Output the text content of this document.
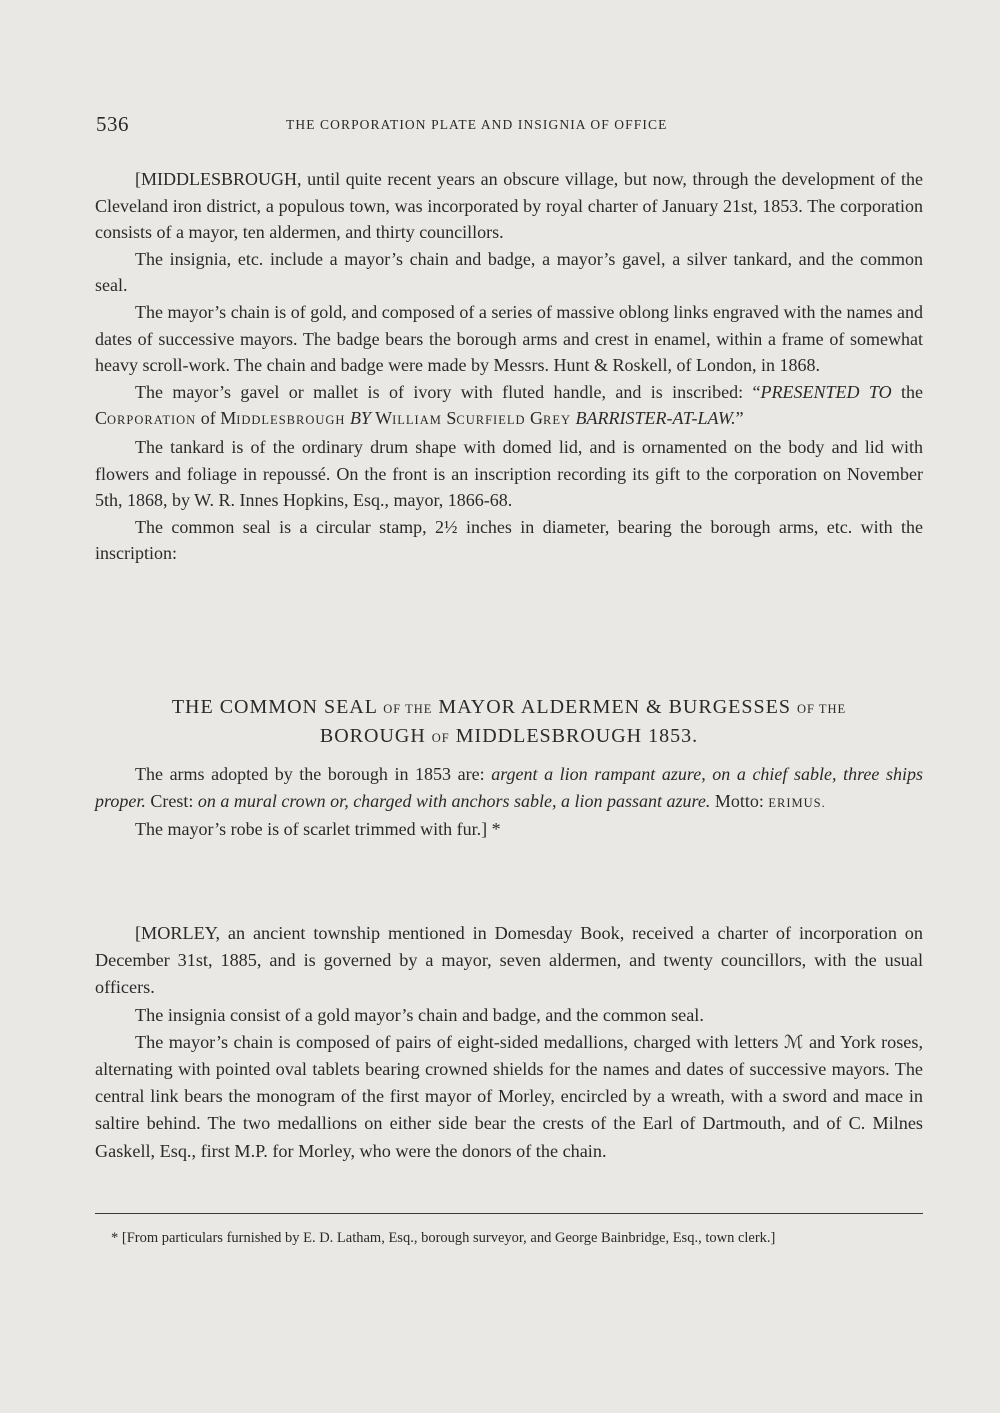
536	THE CORPORATION PLATE AND INSIGNIA OF OFFICE

[MIDDLESBROUGH, until quite recent years an obscure village, but now, through the development of the Cleveland iron district, a populous town, was incorporated by royal charter of January 21st, 1853. The corporation consists of a mayor, ten aldermen, and thirty councillors.

The insignia, etc. include a mayor’s chain and badge, a mayor’s gavel, a silver tankard, and the common seal.

The mayor’s chain is of gold, and composed of a series of massive oblong links engraved with the names and dates of successive mayors. The badge bears the borough arms and crest in enamel, within a frame of somewhat heavy scroll-work. The chain and badge were made by Messrs. Hunt & Roskell, of London, in 1868.

The mayor’s gavel or mallet is of ivory with fluted handle, and is inscribed: “PRESENTED TO the CORPORATION of MIDDLESBROUGH BY WILLIAM SCURFIELD GREY BARRISTER-AT-LAW.”

The tankard is of the ordinary drum shape with domed lid, and is ornamented on the body and lid with flowers and foliage in repoussé. On the front is an inscription recording its gift to the corporation on November 5th, 1868, by W. R. Innes Hopkins, Esq., mayor, 1866-68.

The common seal is a circular stamp, 2½ inches in diameter, bearing the borough arms, etc. with the inscription:

THE COMMON SEAL OF THE MAYOR ALDERMEN & BURGESSES OF THE
BOROUGH OF MIDDLESBROUGH 1853.

The arms adopted by the borough in 1853 are: argent a lion rampant azure, on a chief sable, three ships proper. Crest: on a mural crown or, charged with anchors sable, a lion passant azure. Motto: ERIMUS.

The mayor’s robe is of scarlet trimmed with fur.] *

[MORLEY, an ancient township mentioned in Domesday Book, received a charter of incorporation on December 31st, 1885, and is governed by a mayor, seven aldermen, and twenty councillors, with the usual officers.

The insignia consist of a gold mayor’s chain and badge, and the common seal.

The mayor’s chain is composed of pairs of eight-sided medallions, charged with letters ℳ and York roses, alternating with pointed oval tablets bearing crowned shields for the names and dates of successive mayors. The central link bears the monogram of the first mayor of Morley, encircled by a wreath, with a sword and mace in saltire behind. The two medallions on either side bear the crests of the Earl of Dartmouth, and of C. Milnes Gaskell, Esq., first M.P. for Morley, who were the donors of the chain.

* [From particulars furnished by E. D. Latham, Esq., borough surveyor, and George Bainbridge, Esq., town clerk.]
